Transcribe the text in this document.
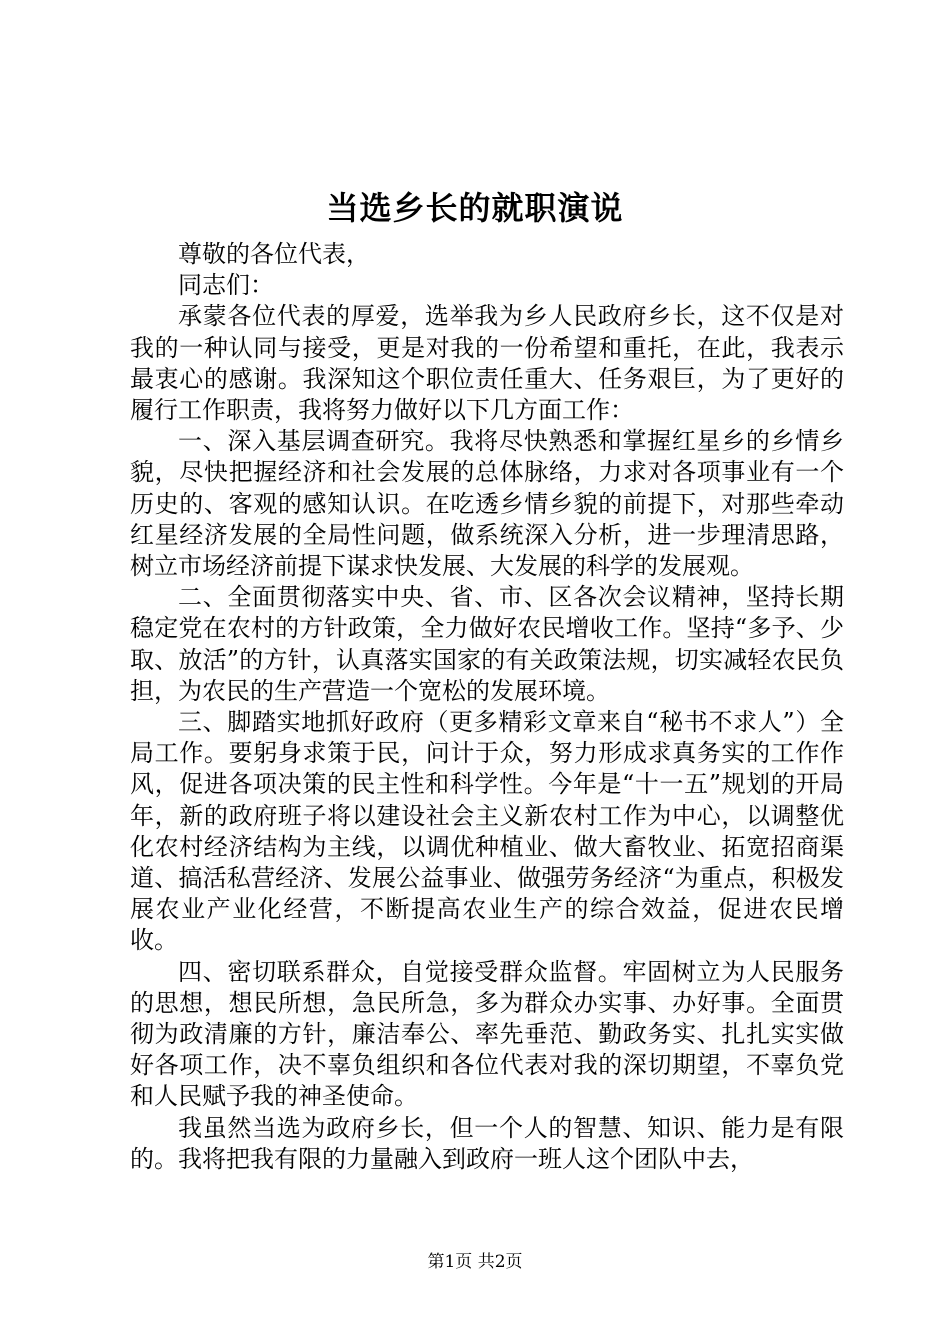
当选乡长的就职演说

尊敬的各位代表，

同志们：

承蒙各位代表的厚爱，选举我为乡人民政府乡长，这不仅是对我的一种认同与接受，更是对我的一份希望和重托，在此，我表示最衷心的感谢。我深知这个职位责任重大、任务艰巨，为了更好的履行工作职责，我将努力做好以下几方面工作：

一、深入基层调查研究。我将尽快熟悉和掌握红星乡的乡情乡貌，尽快把握经济和社会发展的总体脉络，力求对各项事业有一个历史的、客观的感知认识。在吃透乡情乡貌的前提下，对那些牵动红星经济发展的全局性问题，做系统深入分析，进一步理清思路，树立市场经济前提下谋求快发展、大发展的科学的发展观。

二、全面贯彻落实中央、省、市、区各次会议精神，坚持长期稳定党在农村的方针政策，全力做好农民增收工作。坚持“多予、少取、放活”的方针，认真落实国家的有关政策法规，切实减轻农民负担，为农民的生产营造一个宽松的发展环境。

三、脚踏实地抓好政府（更多精彩文章来自“秘书不求人”）全局工作。要躬身求策于民，问计于众，努力形成求真务实的工作作风，促进各项决策的民主性和科学性。今年是“十一五”规划的开局年，新的政府班子将以建设社会主义新农村工作为中心，以调整优化农村经济结构为主线，以调优种植业、做大畜牧业、拓宽招商渠道、搞活私营经济、发展公益事业、做强劳务经济“为重点，积极发展农业产业化经营，不断提高农业生产的综合效益，促进农民增收。

四、密切联系群众，自觉接受群众监督。牢固树立为人民服务的思想，想民所想，急民所急，多为群众办实事、办好事。全面贯彻为政清廉的方针，廉洁奉公、率先垂范、勤政务实、扎扎实实做好各项工作，决不辜负组织和各位代表对我的深切期望，不辜负党和人民赋予我的神圣使命。

我虽然当选为政府乡长，但一个人的智慧、知识、能力是有限的。我将把我有限的力量融入到政府一班人这个团队中去，

第1页 共2页
